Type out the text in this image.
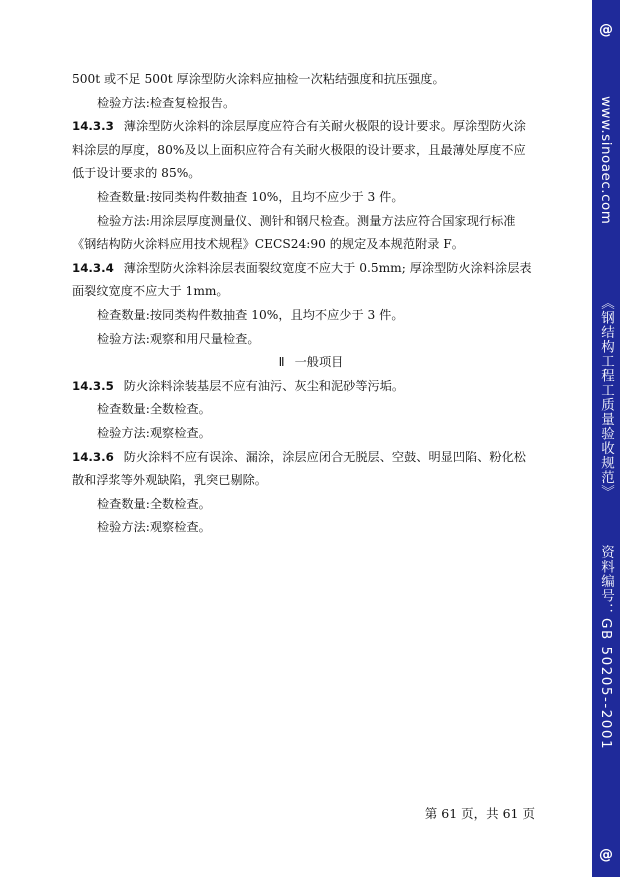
500t 或不足 500t 厚涂型防火涂料应抽检一次粘结强度和抗压强度。

检验方法:检查复检报告。

14.3.3 薄涂型防火涂料的涂层厚度应符合有关耐火极限的设计要求。厚涂型防火涂

料涂层的厚度，80%及以上面积应符合有关耐火极限的设计要求，且最薄处厚度不应

低于设计要求的 85%。

检查数量:按同类构件数抽查 10%，且均不应少于 3 件。

检验方法:用涂层厚度测量仪、测针和钢尺检查。测量方法应符合国家现行标准

《钢结构防火涂料应用技术规程》CECS24:90 的规定及本规范附录 F。

14.3.4 薄涂型防火涂料涂层表面裂纹宽度不应大于 0.5mm; 厚涂型防火涂料涂层表

面裂纹宽度不应大于 1mm。

检查数量:按同类构件数抽查 10%，且均不应少于 3 件。

检验方法:观察和用尺量检查。

Ⅱ 一般项目

14.3.5 防火涂料涂装基层不应有油污、灰尘和泥砂等污垢。

检查数量:全数检查。

检验方法:观察检查。

14.3.6 防火涂料不应有误涂、漏涂，涂层应闭合无脱层、空鼓、明显凹陷、粉化松

散和浮浆等外观缺陷，乳突已剔除。

检查数量:全数检查。

检验方法:观察检查。

第 61 页，共 61 页
@
www.sinoaec.com
《钢结构工程工质量验收规范》
资料编号：
GB 50205--2001
@
